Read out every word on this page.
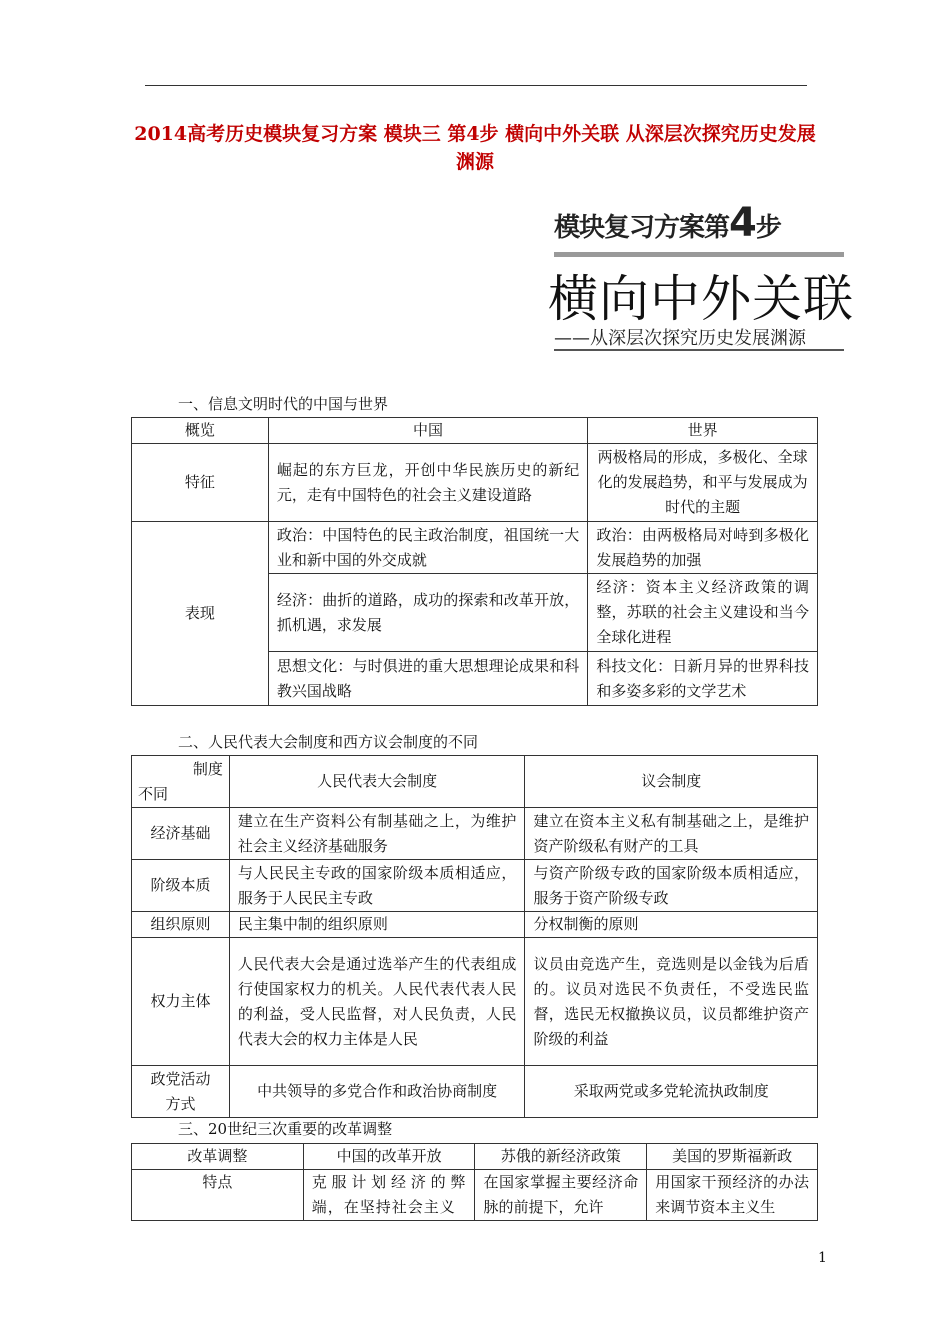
2014高考历史模块复习方案 模块三 第4步 横向中外关联 从深层次探究历史发展渊源
模块复习方案第4步
横向中外关联
——从深层次探究历史发展渊源
一、信息文明时代的中国与世界
概览	中国	世界
特征	崛起的东方巨龙，开创中华民族历史的新纪元，走有中国特色的社会主义建设道路	两极格局的形成，多极化、全球化的发展趋势，和平与发展成为时代的主题
表现	政治：中国特色的民主政治制度，祖国统一大业和新中国的外交成就	政治：由两极格局对峙到多极化发展趋势的加强
	经济：曲折的道路，成功的探索和改革开放，抓机遇，求发展	经济：资本主义经济政策的调整，苏联的社会主义建设和当今全球化进程
	思想文化：与时俱进的重大思想理论成果和科教兴国战略	科技文化：日新月异的世界科技和多姿多彩的文学艺术
二、人民代表大会制度和西方议会制度的不同
制度
不同	人民代表大会制度	议会制度
经济基础	建立在生产资料公有制基础之上，为维护社会主义经济基础服务	建立在资本主义私有制基础之上，是维护资产阶级私有财产的工具
阶级本质	与人民民主专政的国家阶级本质相适应，服务于人民民主专政	与资产阶级专政的国家阶级本质相适应，服务于资产阶级专政
组织原则	民主集中制的组织原则	分权制衡的原则
权力主体	人民代表大会是通过选举产生的代表组成行使国家权力的机关。人民代表代表人民的利益，受人民监督，对人民负责，人民代表大会的权力主体是人民	议员由竞选产生，竞选则是以金钱为后盾的。议员对选民不负责任，不受选民监督，选民无权撤换议员，议员都维护资产阶级的利益
政党活动方式	中共领导的多党合作和政治协商制度	采取两党或多党轮流执政制度
三、20世纪三次重要的改革调整
改革调整	中国的改革开放	苏俄的新经济政策	美国的罗斯福新政
特点	克服计划经济的弊端，在坚持社会主义	在国家掌握主要经济命脉的前提下，允许	用国家干预经济的办法来调节资本主义生
1
